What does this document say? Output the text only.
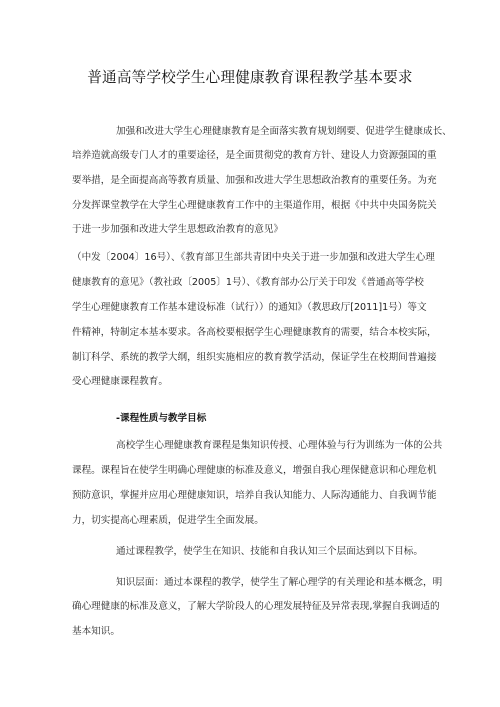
普通高等学校学生心理健康教育课程教学基本要求
加强和改进大学生心理健康教育是全面落实教育规划纲要、促进学生健康成长、
培养造就高级专门人才的重要途径，是全面贯彻党的教育方针、建设人力资源强国的重
要举措，是全面提高高等教育质量、加强和改进大学生思想政治教育的重要任务。为充
分发挥课堂教学在大学生心理健康教育工作中的主渠道作用，根据《中共中央国务院关
于进一步加强和改进大学生思想政治教育的意见》
（中发〔2004〕16号）、《教育部卫生部共青团中央关于进一步加强和改进大学生心理
健康教育的意见》（教社政〔2005〕1号）、《教育部办公厅关于印发《普通高等学校
学生心理健康教育工作基本建设标准（试行））的通知》（教思政厅[2011]1号）等文
件精神，特制定本基本要求。各高校要根据学生心理健康教育的需要，结合本校实际，
制订科学、系统的教学大纲，组织实施相应的教育教学活动，保证学生在校期间普遍接
受心理健康课程教育。
-课程性质与教学目标
高校学生心理健康教育课程是集知识传授、心理体验与行为训练为一体的公共
课程。课程旨在使学生明确心理健康的标准及意义，增强自我心理保健意识和心理危机
预防意识，掌握并应用心理健康知识，培养自我认知能力、人际沟通能力、自我调节能
力，切实提高心理素质，促进学生全面发展。
通过课程教学，使学生在知识、技能和自我认知三个层面达到以下目标。
知识层面：通过本课程的教学，使学生了解心理学的有关理论和基本概念，明
确心理健康的标准及意义，了解大学阶段人的心理发展特征及异常表现,掌握自我调适的
基本知识。
